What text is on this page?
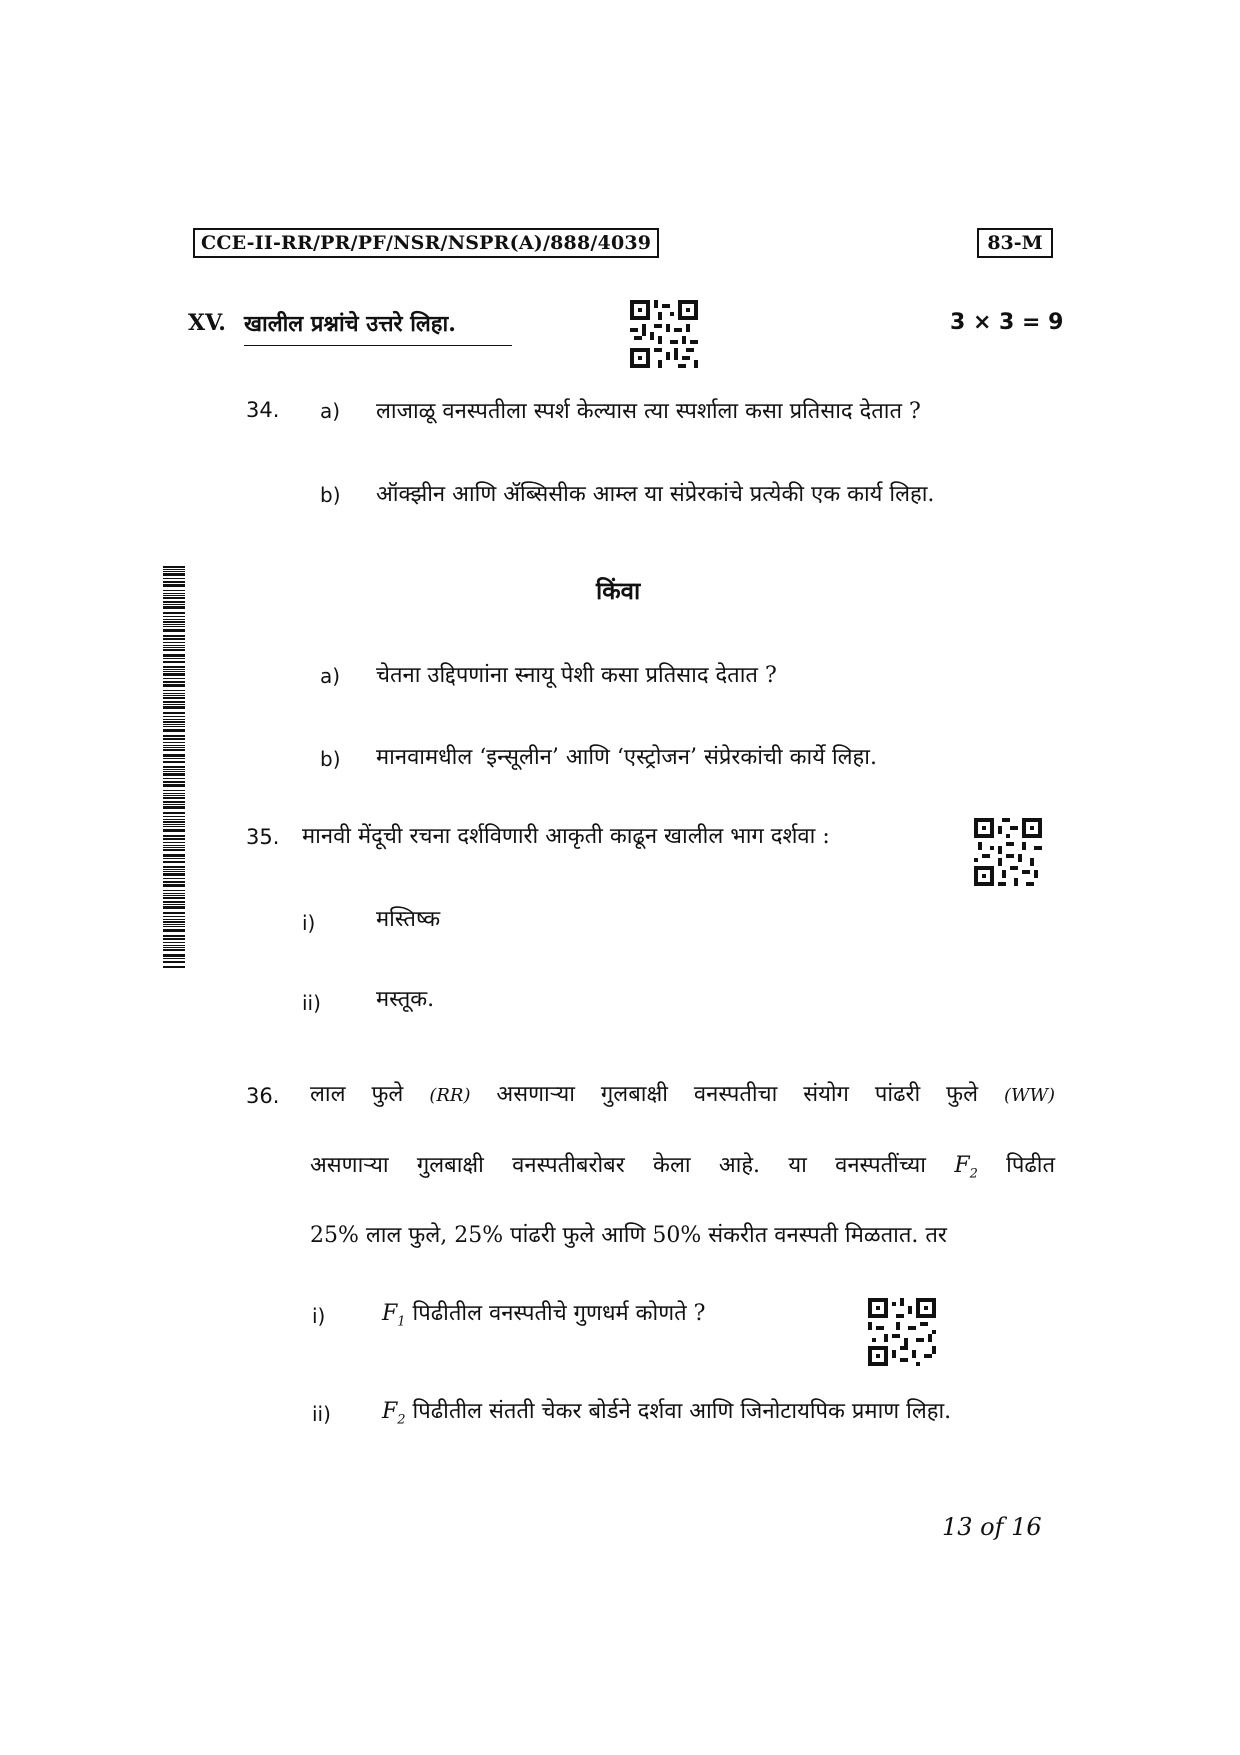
CCE-II-RR/PR/PF/NSR/NSPR(A)/888/4039	83-M
XV. खालील प्रश्नांचे उत्तरे लिहा.	3 × 3 = 9
34. a) लाजाळू वनस्पतीला स्पर्श केल्यास त्या स्पर्शाला कसा प्रतिसाद देतात ?
b) ऑक्झीन आणि ॲब्सिसीक आम्ल या संप्रेरकांचे प्रत्येकी एक कार्य लिहा.
किंवा
a) चेतना उद्दिपणांना स्नायू पेशी कसा प्रतिसाद देतात ?
b) मानवामधील ‘इन्सूलीन’ आणि ‘एस्ट्रोजन’ संप्रेरकांची कार्ये लिहा.
35. मानवी मेंदूची रचना दर्शविणारी आकृती काढून खालील भाग दर्शवा :
i)	मस्तिष्क
ii)	मस्तूक.
36. लाल फुले (RR) असणाऱ्या गुलबाक्षी वनस्पतीचा संयोग पांढरी फुले (WW)
असणाऱ्या गुलबाक्षी वनस्पतीबरोबर केला आहे. या वनस्पतींच्या $F_2$ पिढीत
25% लाल फुले, 25% पांढरी फुले आणि 50% संकरीत वनस्पती मिळतात. तर
i)	$F_1$ पिढीतील वनस्पतीचे गुणधर्म कोणते ?
ii) $F_2$ पिढीतील संतती चेकर बोर्डने दर्शवा आणि जिनोटायपिक प्रमाण लिहा.
13 of 16
